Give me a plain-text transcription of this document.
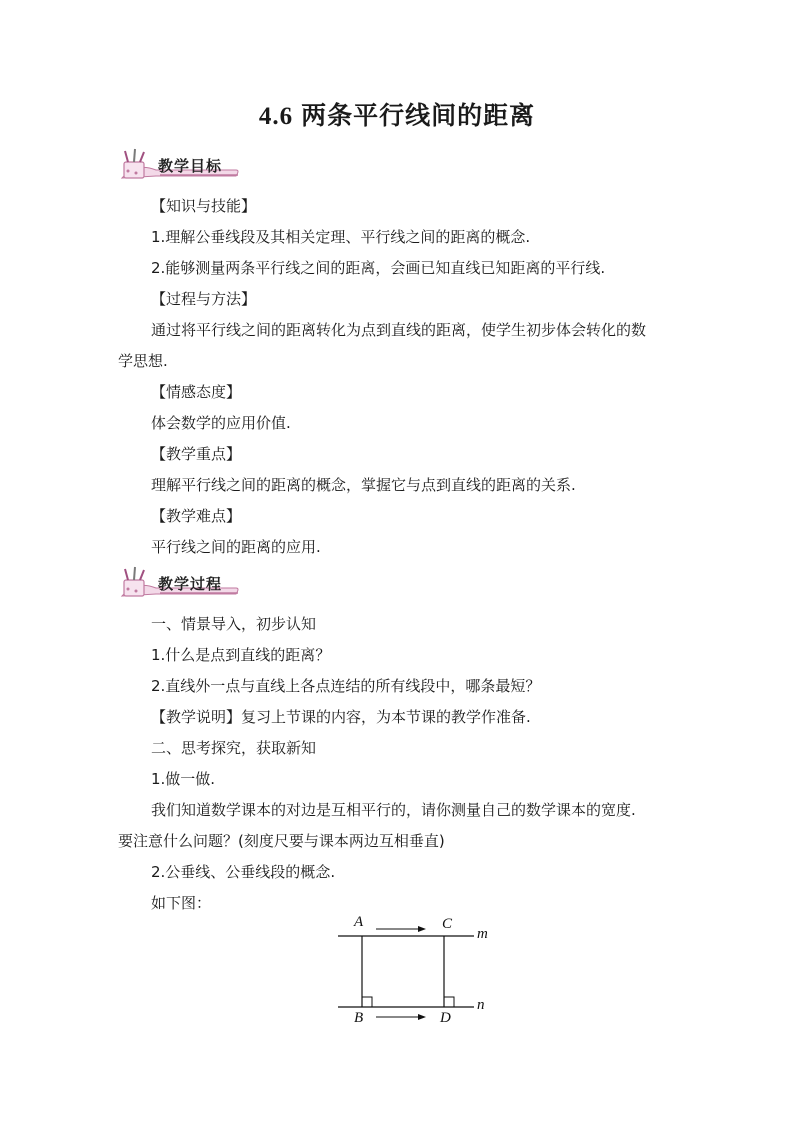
4.6 两条平行线间的距离
教学目标
【知识与技能】
1.理解公垂线段及其相关定理、平行线之间的距离的概念.
2.能够测量两条平行线之间的距离，会画已知直线已知距离的平行线.
【过程与方法】
通过将平行线之间的距离转化为点到直线的距离，使学生初步体会转化的数
学思想.
【情感态度】
体会数学的应用价值.
【教学重点】
理解平行线之间的距离的概念，掌握它与点到直线的距离的关系.
【教学难点】
平行线之间的距离的应用.
教学过程
一、情景导入，初步认知
1.什么是点到直线的距离？
2.直线外一点与直线上各点连结的所有线段中，哪条最短？
【教学说明】复习上节课的内容，为本节课的教学作准备.
二、思考探究，获取新知
1.做一做.
我们知道数学课本的对边是互相平行的，请你测量自己的数学课本的宽度.
要注意什么问题？(刻度尺要与课本两边互相垂直)
2.公垂线、公垂线段的概念.
如下图：
A	C
m
B	D
n
